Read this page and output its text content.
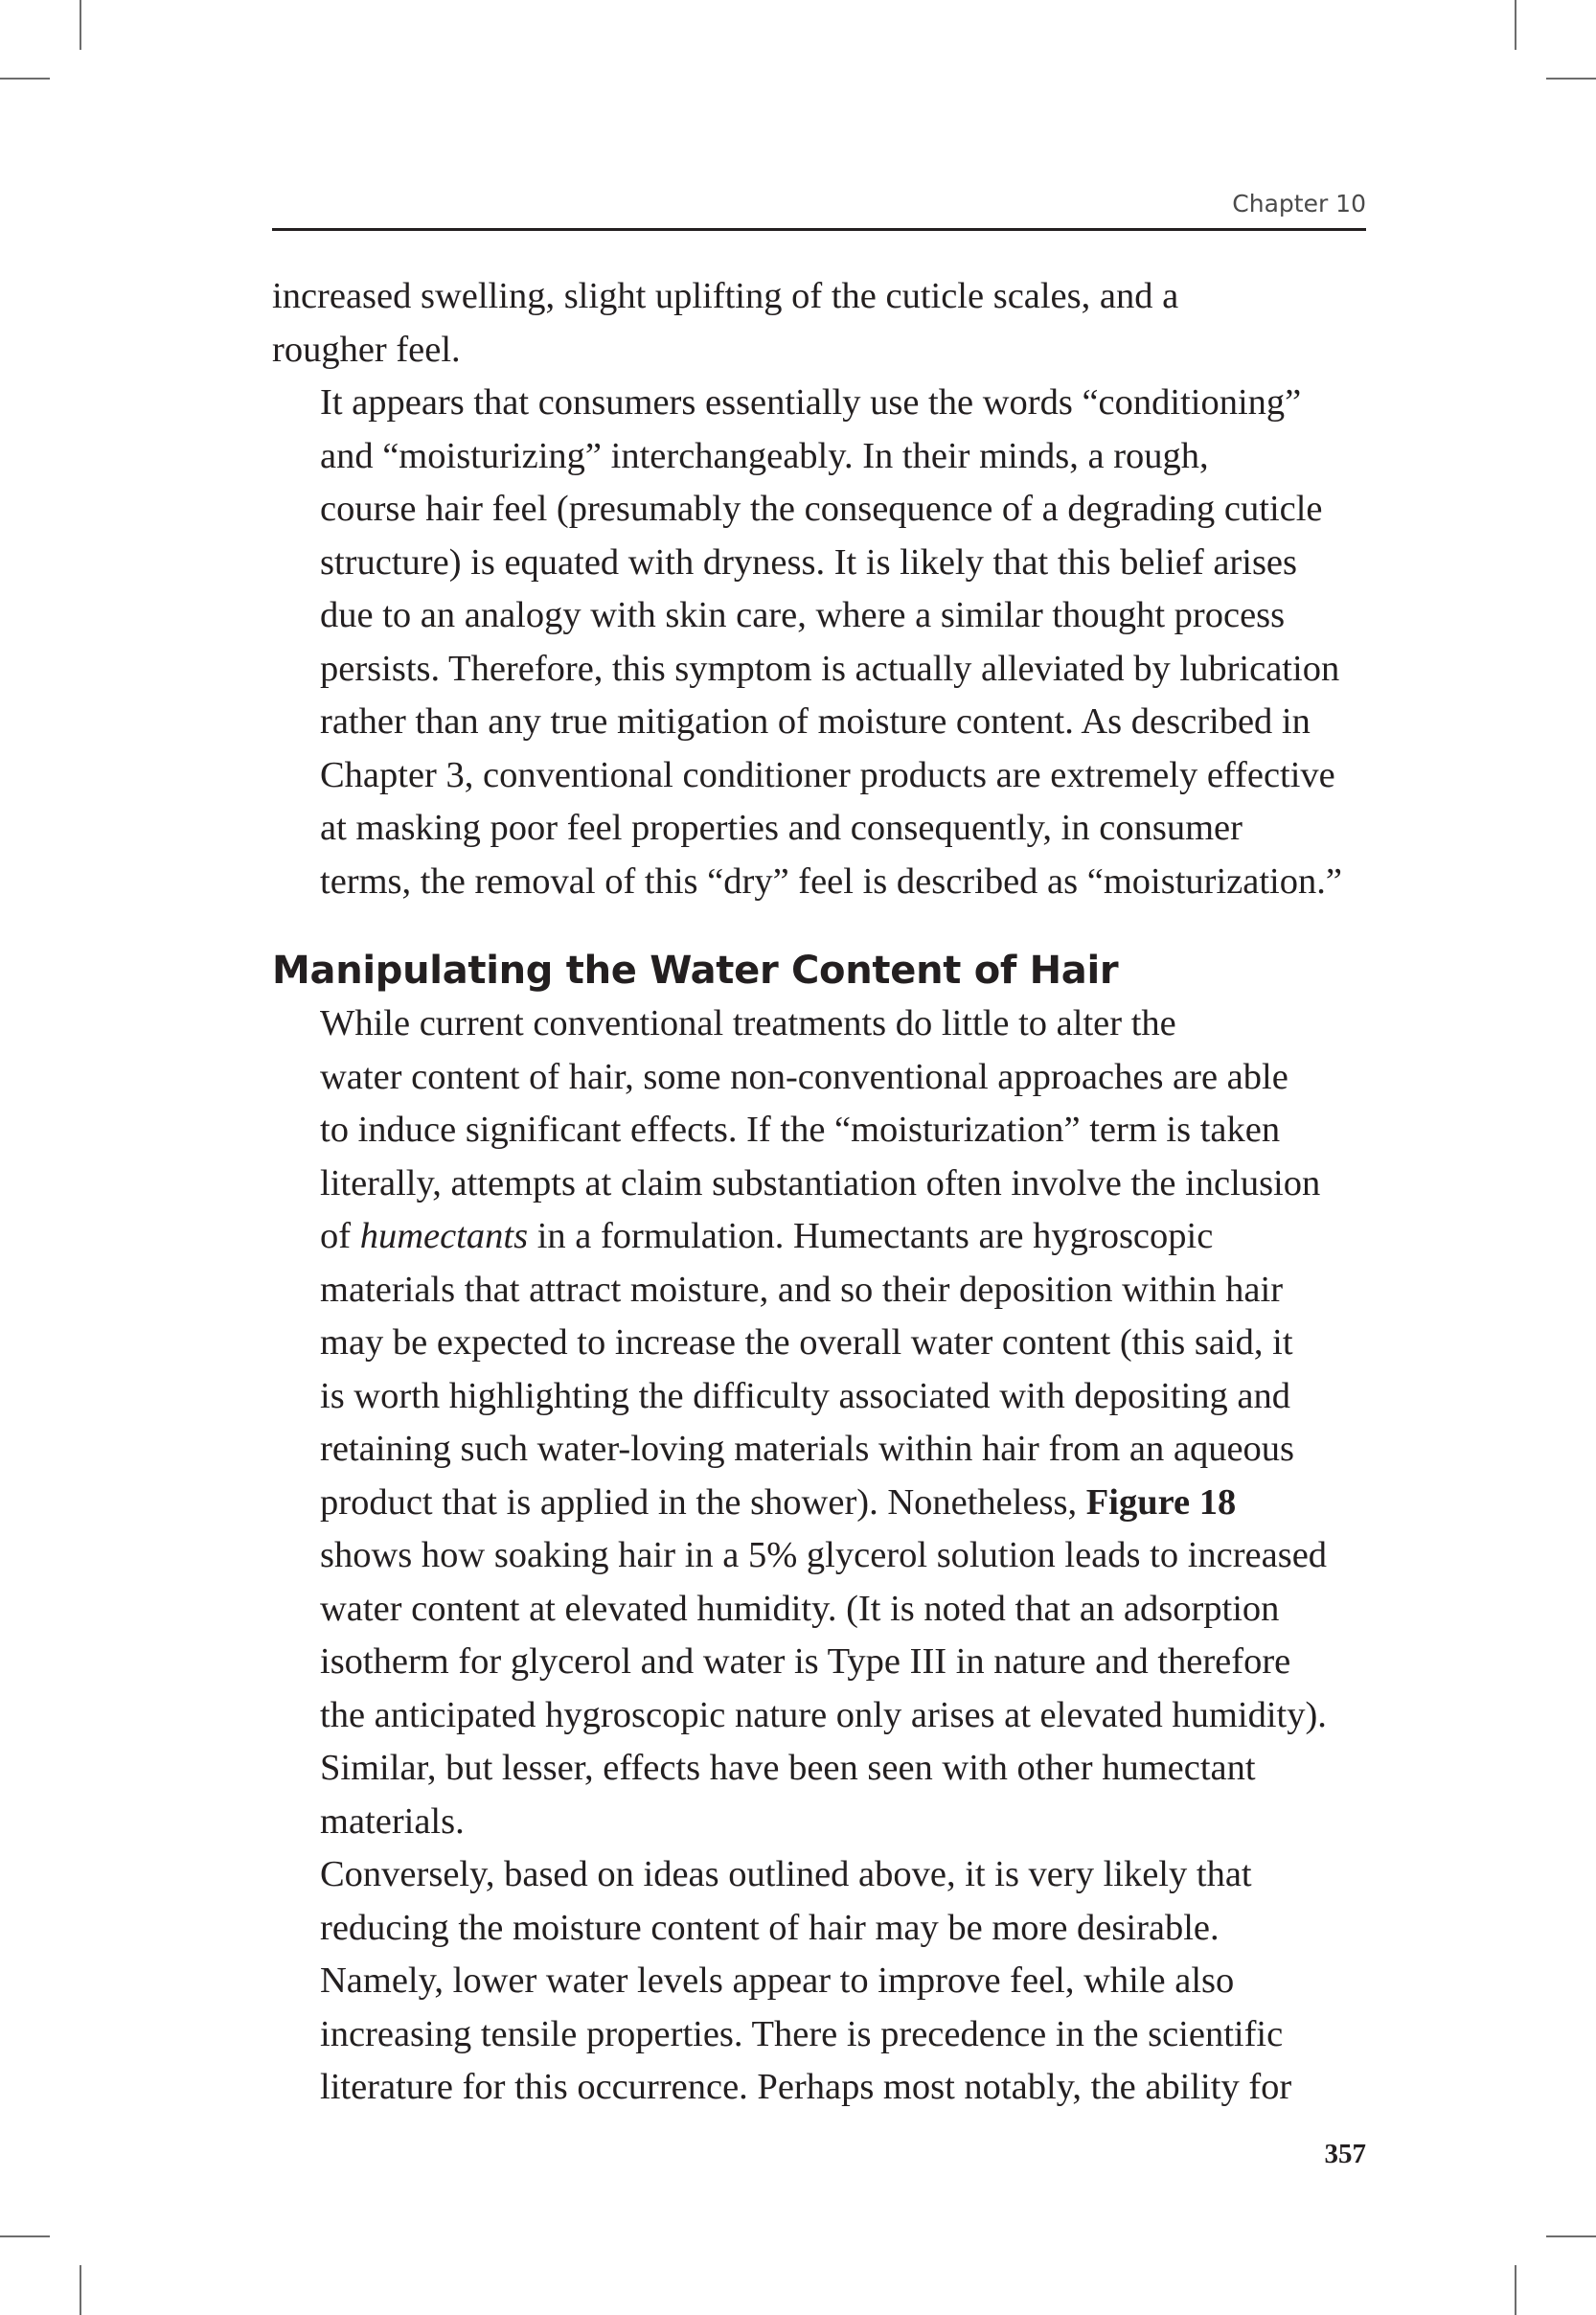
Chapter 10

increased swelling, slight uplifting of the cuticle scales, and a
rougher feel.

It appears that consumers essentially use the words “conditioning”
and “moisturizing” interchangeably. In their minds, a rough,
course hair feel (presumably the consequence of a degrading cuticle
structure) is equated with dryness. It is likely that this belief arises
due to an analogy with skin care, where a similar thought process
persists. Therefore, this symptom is actually alleviated by lubrication
rather than any true mitigation of moisture content. As described in
Chapter 3, conventional conditioner products are extremely effective
at masking poor feel properties and consequently, in consumer
terms, the removal of this “dry” feel is described as “moisturization.”

Manipulating the Water Content of Hair

While current conventional treatments do little to alter the
water content of hair, some non-conventional approaches are able
to induce significant effects. If the “moisturization” term is taken
literally, attempts at claim substantiation often involve the inclusion
of humectants in a formulation. Humectants are hygroscopic
materials that attract moisture, and so their deposition within hair
may be expected to increase the overall water content (this said, it
is worth highlighting the difficulty associated with depositing and
retaining such water-loving materials within hair from an aqueous
product that is applied in the shower). Nonetheless, Figure 18
shows how soaking hair in a 5% glycerol solution leads to increased
water content at elevated humidity. (It is noted that an adsorption
isotherm for glycerol and water is Type III in nature and therefore
the anticipated hygroscopic nature only arises at elevated humidity).
Similar, but lesser, effects have been seen with other humectant
materials.

Conversely, based on ideas outlined above, it is very likely that
reducing the moisture content of hair may be more desirable.
Namely, lower water levels appear to improve feel, while also
increasing tensile properties. There is precedence in the scientific
literature for this occurrence. Perhaps most notably, the ability for

357
